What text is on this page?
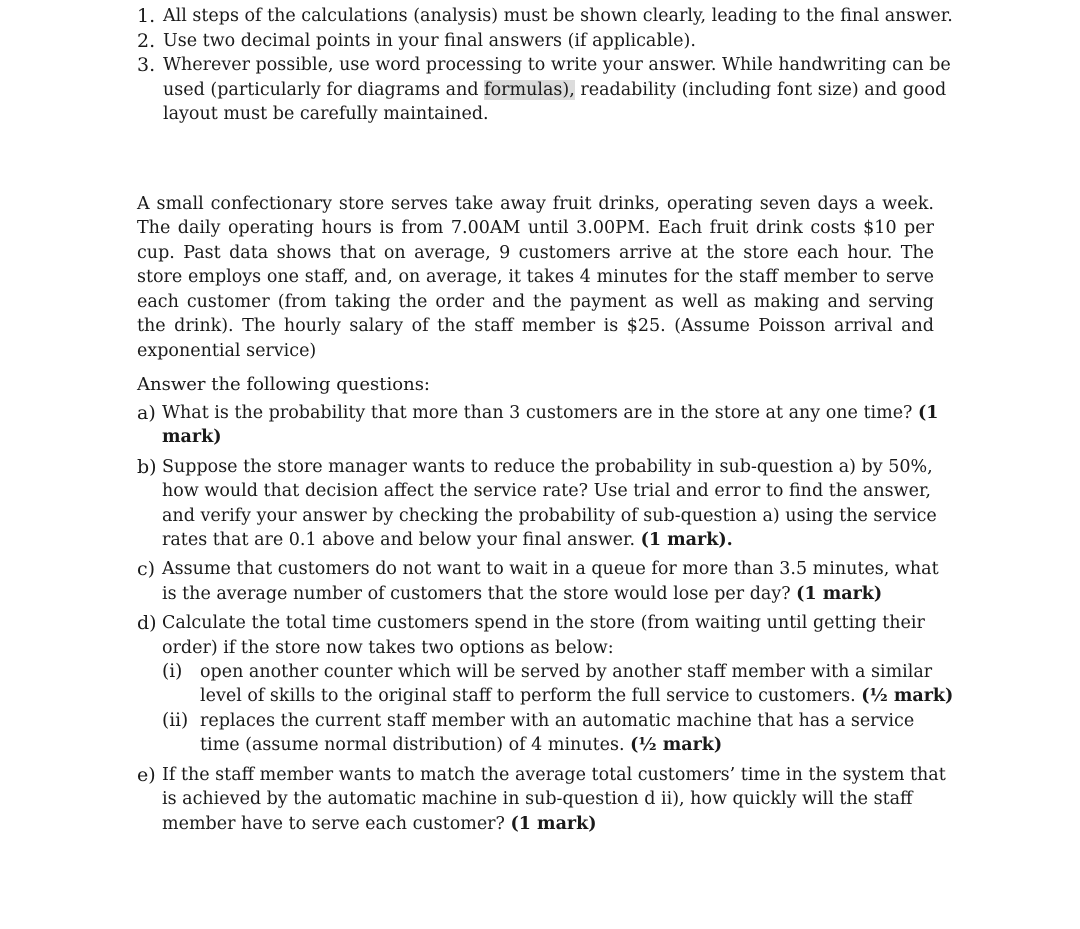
1. All steps of the calculations (analysis) must be shown clearly, leading to the final answer.
2. Use two decimal points in your final answers (if applicable).
3. Wherever possible, use word processing to write your answer. While handwriting can be used (particularly for diagrams and formulas), readability (including font size) and good layout must be carefully maintained.

A small confectionary store serves take away fruit drinks, operating seven days a week. The daily operating hours is from 7.00AM until 3.00PM. Each fruit drink costs $10 per cup. Past data shows that on average, 9 customers arrive at the store each hour. The store employs one staff, and, on average, it takes 4 minutes for the staff member to serve each customer (from taking the order and the payment as well as making and serving the drink). The hourly salary of the staff member is $25. (Assume Poisson arrival and exponential service)

Answer the following questions:

a) What is the probability that more than 3 customers are in the store at any one time? (1 mark)
b) Suppose the store manager wants to reduce the probability in sub-question a) by 50%, how would that decision affect the service rate? Use trial and error to find the answer, and verify your answer by checking the probability of sub-question a) using the service rates that are 0.1 above and below your final answer. (1 mark).
c) Assume that customers do not want to wait in a queue for more than 3.5 minutes, what is the average number of customers that the store would lose per day? (1 mark)
d) Calculate the total time customers spend in the store (from waiting until getting their order) if the store now takes two options as below:
(i) open another counter which will be served by another staff member with a similar level of skills to the original staff to perform the full service to customers. (½ mark)
(ii) replaces the current staff member with an automatic machine that has a service time (assume normal distribution) of 4 minutes. (½ mark)
e) If the staff member wants to match the average total customers’ time in the system that is achieved by the automatic machine in sub-question d ii), how quickly will the staff member have to serve each customer? (1 mark)
